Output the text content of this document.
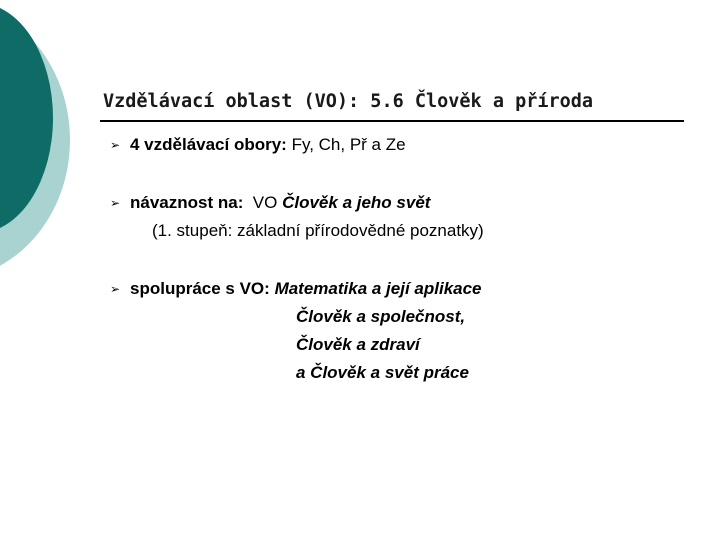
Vzdělávací oblast (VO): 5.6 Člověk a příroda
➢ 4 vzdělávací obory: Fy, Ch, Př a Ze
➢ návaznost na:  VO Člověk a jeho svět
(1. stupeň: základní přírodovědné poznatky)
➢ spolupráce s VO: Matematika a její aplikace
Člověk a společnost,
Člověk a zdraví
a Člověk a svět práce
